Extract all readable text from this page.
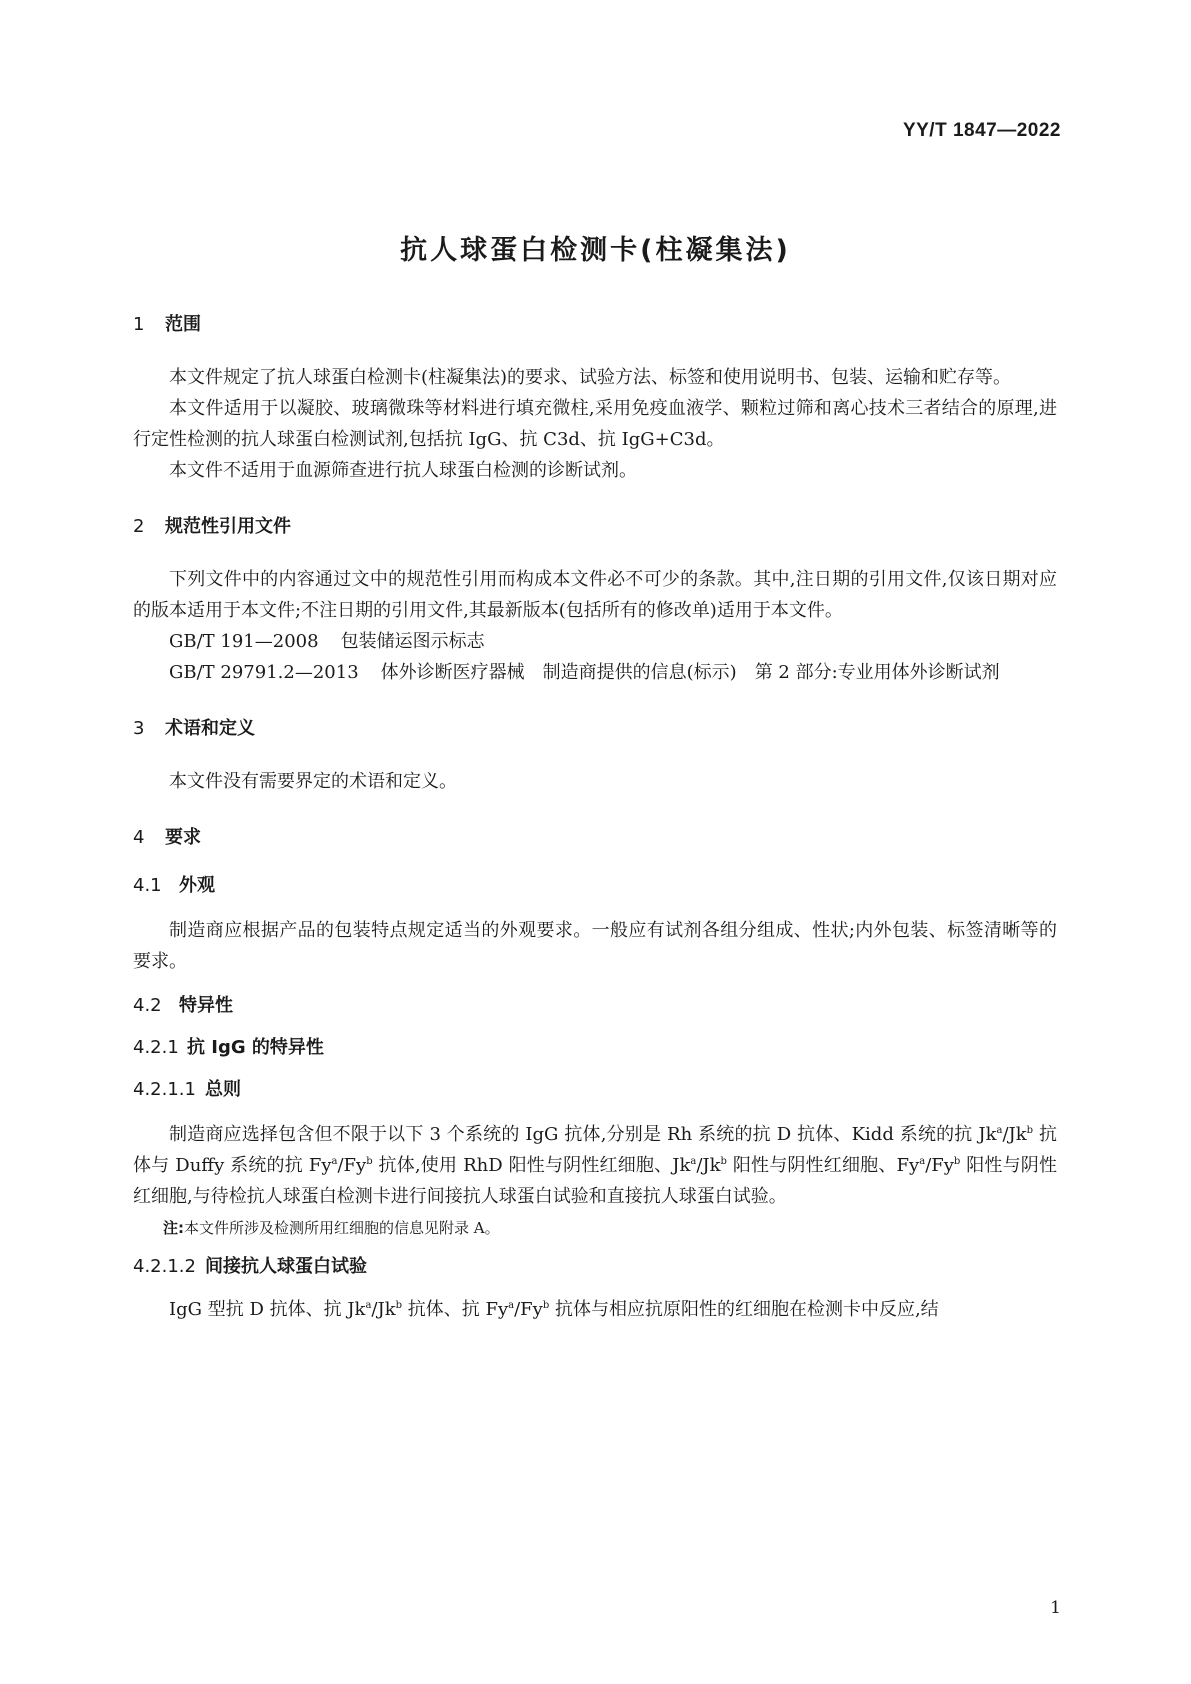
YY/T 1847—2022
抗人球蛋白检测卡(柱凝集法)
1	范围

本文件规定了抗人球蛋白检测卡(柱凝集法)的要求、试验方法、标签和使用说明书、包装、运输和贮存等。

本文件适用于以凝胶、玻璃微珠等材料进行填充微柱,采用免疫血液学、颗粒过筛和离心技术三者结合的原理,进行定性检测的抗人球蛋白检测试剂,包括抗 IgG、抗 C3d、抗 IgG+C3d。

本文件不适用于血源筛查进行抗人球蛋白检测的诊断试剂。

2	规范性引用文件

下列文件中的内容通过文中的规范性引用而构成本文件必不可少的条款。其中,注日期的引用文件,仅该日期对应的版本适用于本文件;不注日期的引用文件,其最新版本(包括所有的修改单)适用于本文件。

GB/T 191—2008 包装储运图示标志

GB/T 29791.2—2013 体外诊断医疗器械　制造商提供的信息(标示)　第 2 部分:专业用体外诊断试剂

3	术语和定义

本文件没有需要界定的术语和定义。

4	要求
4.1 外观

制造商应根据产品的包装特点规定适当的外观要求。一般应有试剂各组分组成、性状;内外包装、标签清晰等的要求。

4.2 特异性
4.2.1 抗 IgG 的特异性
4.2.1.1 总则

制造商应选择包含但不限于以下 3 个系统的 IgG 抗体,分别是 Rh 系统的抗 D 抗体、Kidd 系统的抗 Jk$^a$/Jk$^b$ 抗体与 Duffy 系统的抗 Fy$^a$/Fy$^b$ 抗体,使用 RhD 阳性与阴性红细胞、Jk$^a$/Jk$^b$ 阳性与阴性红细胞、Fy$^a$/Fy$^b$ 阳性与阴性红细胞,与待检抗人球蛋白检测卡进行间接抗人球蛋白试验和直接抗人球蛋白试验。

注:本文件所涉及检测所用红细胞的信息见附录 A。

4.2.1.2 间接抗人球蛋白试验

IgG 型抗 D 抗体、抗 Jk$^a$/Jk$^b$ 抗体、抗 Fy$^a$/Fy$^b$ 抗体与相应抗原阳性的红细胞在检测卡中反应,结

1
